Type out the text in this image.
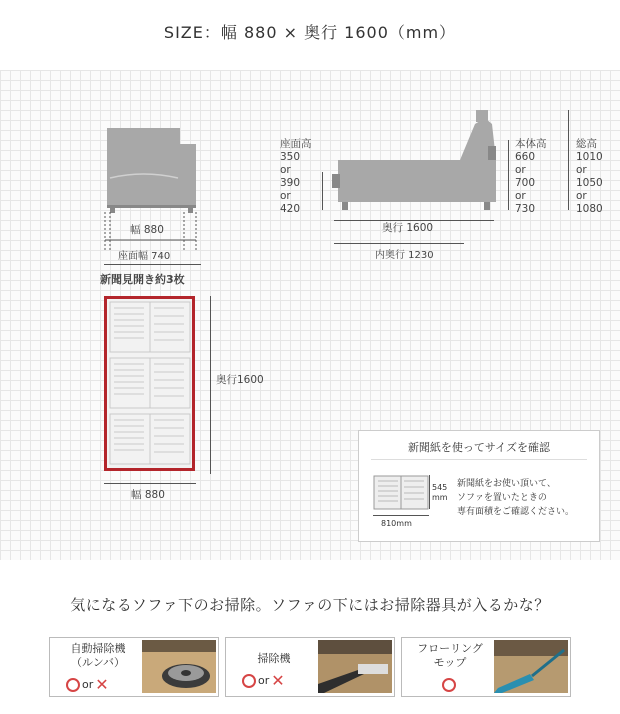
SIZE：幅 880 × 奥行 1600（mm）
幅 880
座面幅 740
座面高
350
or
390
or
420
本体高
660
or
700
or
730
総高
1010
or
1050
or
1080
奥行 1600
内奥行 1230
新聞見開き約3枚
奥行1600
幅 880
新聞紙を使ってサイズを確認
545
mm
810mm
新聞紙をお使い頂いて、
ソファを置いたときの
専有面積をご確認ください。
気になるソファ下のお掃除。ソファの下にはお掃除器具が入るかな？
自動掃除機
（ルンバ）
or ✕
掃除機
or ✕
フローリング
モップ
